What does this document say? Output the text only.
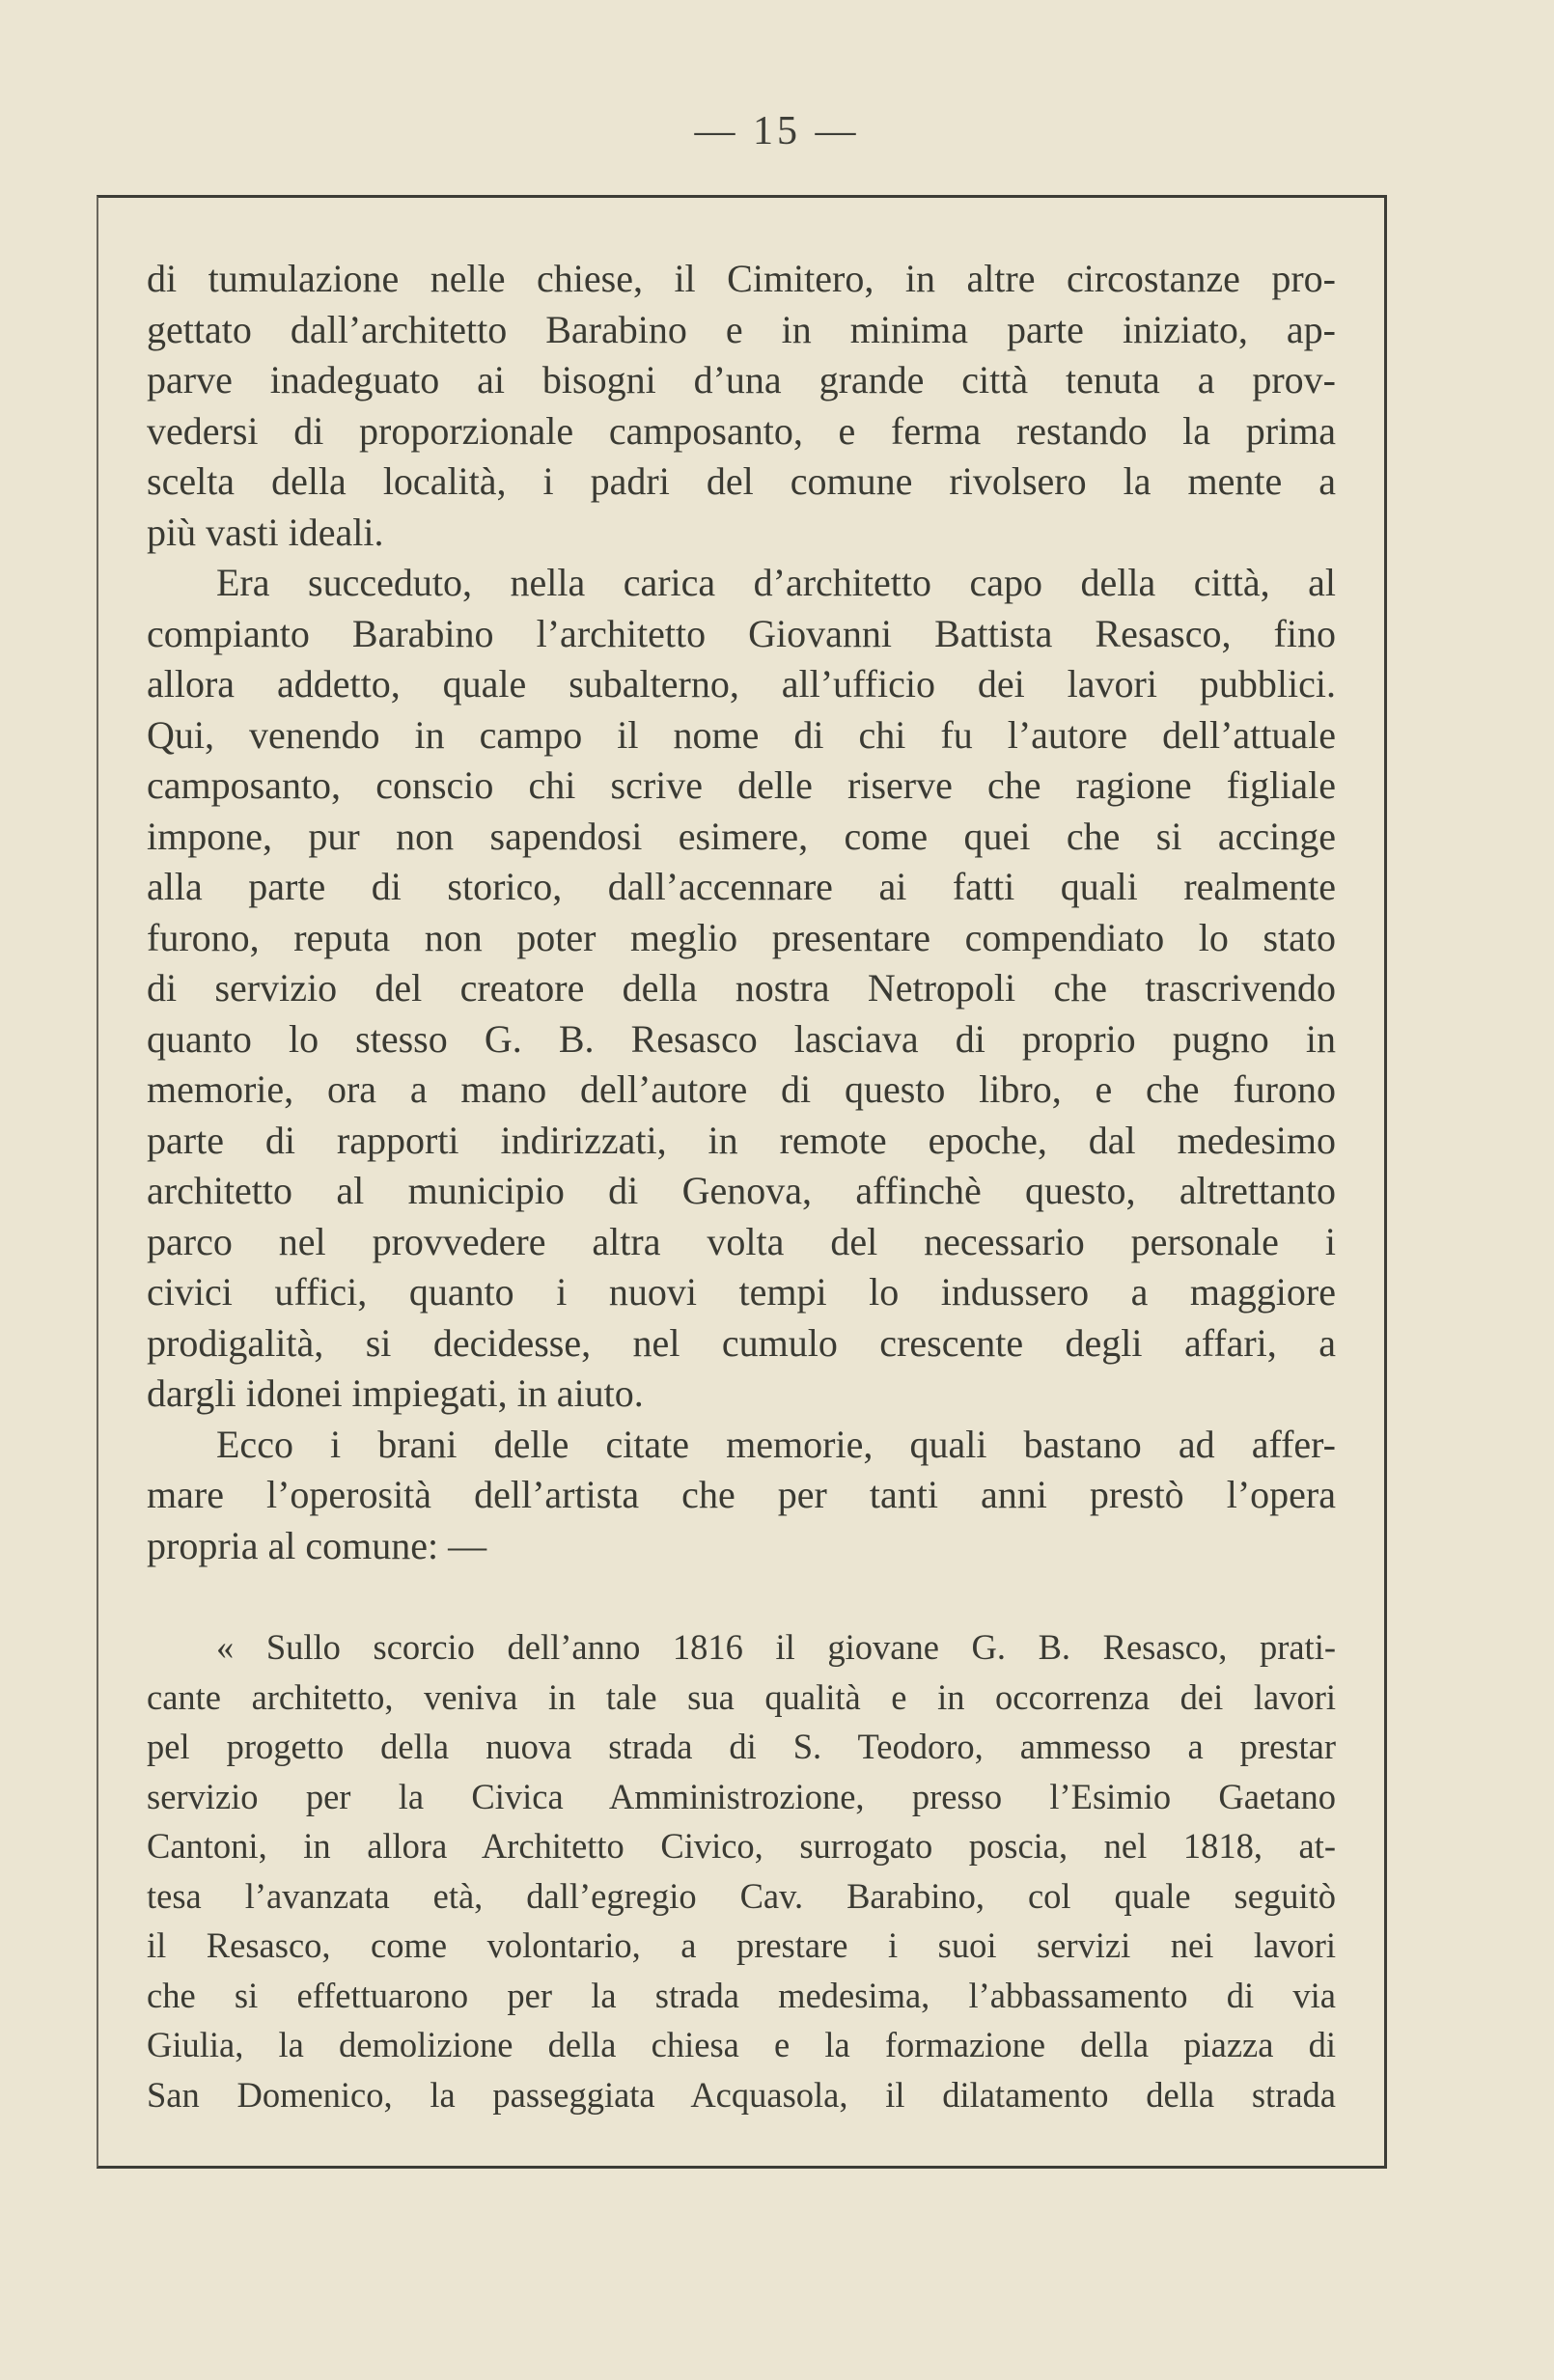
— 15 —
di tumulazione nelle chiese, il Cimitero, in altre circostanze pro-
gettato dall’architetto Barabino e in minima parte iniziato, ap-
parve inadeguato ai bisogni d’una grande città tenuta a prov-
vedersi di proporzionale camposanto, e ferma restando la prima
scelta della località, i padri del comune rivolsero la mente a
più vasti ideali.
Era succeduto, nella carica d’architetto capo della città, al
compianto Barabino l’architetto Giovanni Battista Resasco, fino
allora addetto, quale subalterno, all’ufficio dei lavori pubblici.
Qui, venendo in campo il nome di chi fu l’autore dell’attuale
camposanto, conscio chi scrive delle riserve che ragione figliale
impone, pur non sapendosi esimere, come quei che si accinge
alla parte di storico, dall’accennare ai fatti quali realmente
furono, reputa non poter meglio presentare compendiato lo stato
di servizio del creatore della nostra Netropoli che trascrivendo
quanto lo stesso G. B. Resasco lasciava di proprio pugno in
memorie, ora a mano dell’autore di questo libro, e che furono
parte di rapporti indirizzati, in remote epoche, dal medesimo
architetto al municipio di Genova, affinchè questo, altrettanto
parco nel provvedere altra volta del necessario personale i
civici uffici, quanto i nuovi tempi lo indussero a maggiore
prodigalità, si decidesse, nel cumulo crescente degli affari, a
dargli idonei impiegati, in aiuto.
Ecco i brani delle citate memorie, quali bastano ad affer-
mare l’operosità dell’artista che per tanti anni prestò l’opera
propria al comune: —
« Sullo scorcio dell’anno 1816 il giovane G. B. Resasco, prati-
cante architetto, veniva in tale sua qualità e in occorrenza dei lavori
pel progetto della nuova strada di S. Teodoro, ammesso a prestar
servizio per la Civica Amministrozione, presso l’Esimio Gaetano
Cantoni, in allora Architetto Civico, surrogato poscia, nel 1818, at-
tesa l’avanzata età, dall’egregio Cav. Barabino, col quale seguitò
il Resasco, come volontario, a prestare i suoi servizi nei lavori
che si effettuarono per la strada medesima, l’abbassamento di via
Giulia, la demolizione della chiesa e la formazione della piazza di
San Domenico, la passeggiata Acquasola, il dilatamento della strada
